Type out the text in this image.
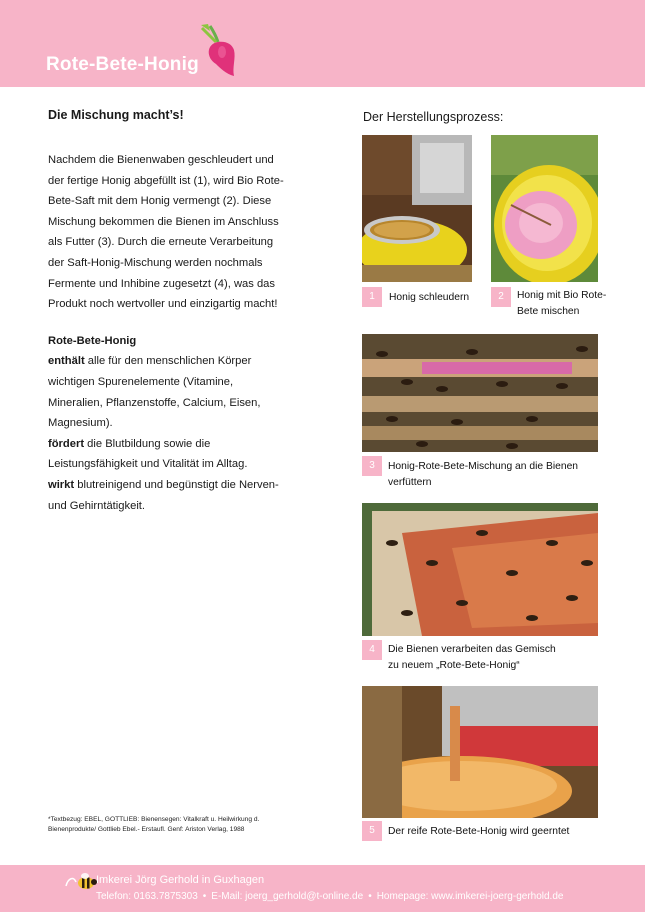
Rote-Bete-Honig
Die Mischung macht’s!
Nachdem die Bienenwaben geschleudert und
der fertige Honig abgefüllt ist (1), wird Bio Rote-
Bete-Saft mit dem Honig vermengt (2). Diese
Mischung bekommen die Bienen im Anschluss
als Futter (3). Durch die erneute Verarbeitung
der Saft-Honig-Mischung werden nochmals
Fermente und Inhibine zugesetzt (4), was das
Produkt noch wertvoller und einzigartig macht!
Rote-Bete-Honig
enthält alle für den menschlichen Körper
wichtigen Spurenelemente (Vitamine,
Mineralien, Pflanzenstoffe, Calcium, Eisen,
Magnesium).
fördert die Blutbildung sowie die
Leistungsfähigkeit und Vitalität im Alltag.
wirkt blutreinigend und begünstigt die Nerven-
und Gehirntätigkeit.
*Textbezug: EBEL, GOTTLIEB: Bienensegen: Vitalkraft u. Heilwirkung d.
Bienenprodukte/ Gottlieb Ebel.- Erstaufl. Genf: Ariston Verlag, 1988
Der Herstellungsprozess:
1	Honig schleudern	2	Honig mit Bio Rote-
Bete mischen
3	Honig-Rote-Bete-Mischung an die Bienen
verfüttern
4	Die Bienen verarbeiten das Gemisch
zu neuem „Rote-Bete-Honig“
5	Der reife Rote-Bete-Honig wird geerntet
Imkerei Jörg Gerhold in Guxhagen
Telefon: 0163.7875303 • E-Mail: joerg_gerhold@t-online.de • Homepage: www.imkerei-joerg-gerhold.de
